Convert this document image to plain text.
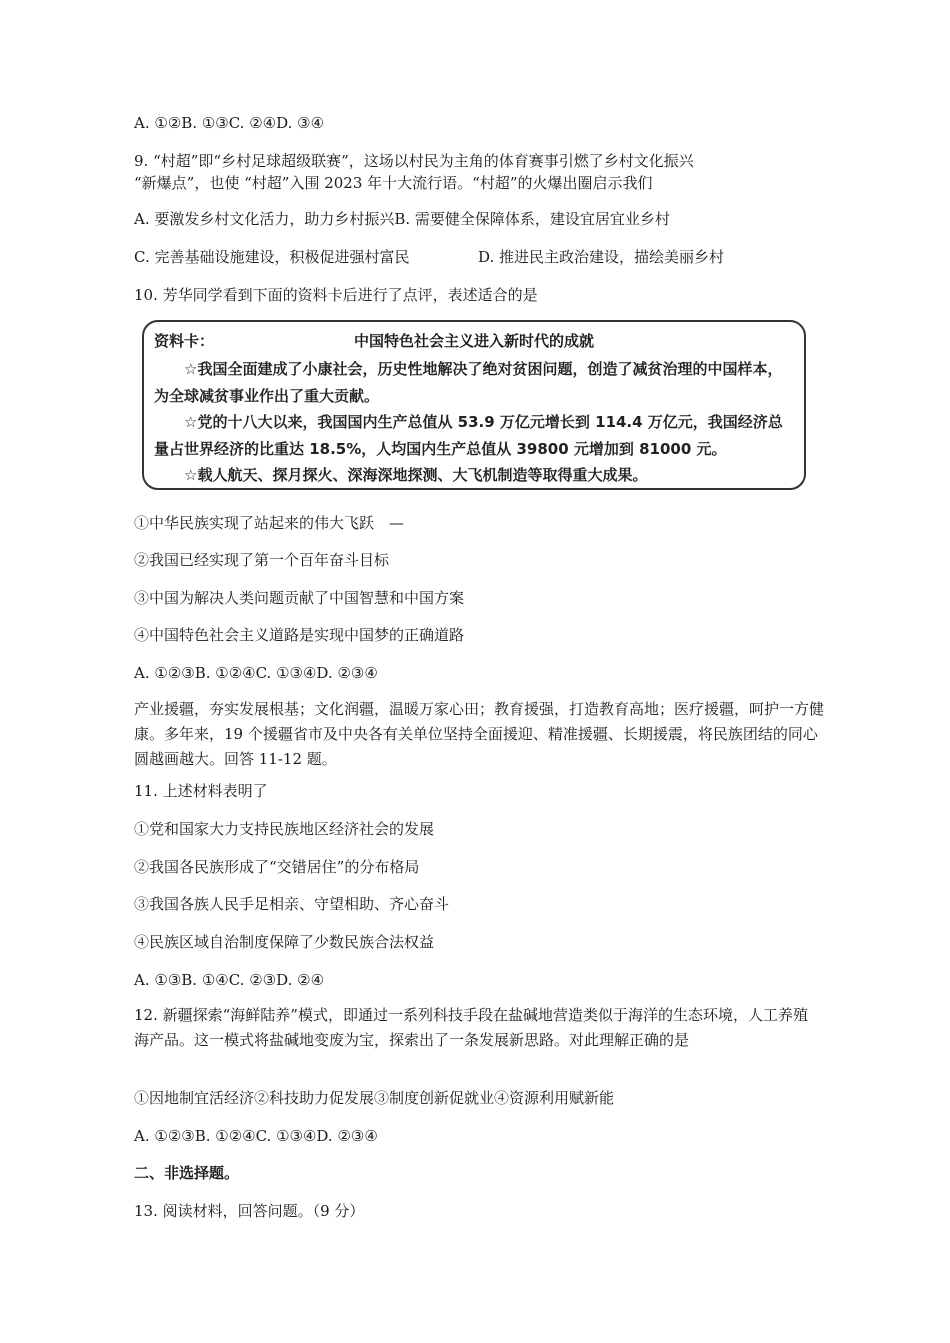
A. ①②B. ①③C. ②④D. ③④
9. “村超”即“乡村足球超级联赛”，这场以村民为主角的体育赛事引燃了乡村文化振兴
“新爆点”，也使 “村超”入围 2023 年十大流行语。“村超”的火爆出圈启示我们
A. 要激发乡村文化活力，助力乡村振兴B. 需要健全保障体系，建设宜居宜业乡村
C. 完善基础设施建设，积极促进强村富民	D. 推进民主政治建设，描绘美丽乡村
10. 芳华同学看到下面的资料卡后进行了点评，表述适合的是
中国特色社会主义进入新时代的成就
资料卡：

☆我国全面建成了小康社会，历史性地解决了绝对贫困问题，创造了减贫治理的中国样本，为全球减贫事业作出了重大贡献。

☆党的十八大以来，我国国内生产总值从 53.9 万亿元增长到 114.4 万亿元，我国经济总量占世界经济的比重达 18.5%，人均国内生产总值从 39800 元增加到 81000 元。

☆载人航天、探月探火、深海深地探测、大飞机制造等取得重大成果。

①中华民族实现了站起来的伟大飞跃　—
②我国已经实现了第一个百年奋斗目标
③中国为解决人类问题贡献了中国智慧和中国方案
④中国特色社会主义道路是实现中国梦的正确道路
A. ①②③B. ①②④C. ①③④D. ②③④
产业援疆，夯实发展根基；文化润疆，温暖万家心田；教育援强，打造教育高地；医疗援疆，呵护一方健康。多年来，19 个援疆省市及中央各有关单位坚持全面援迎、精准援疆、长期援震，将民族团结的同心 圆越画越大。回答 11-12 题。
11. 上述材料表明了
①党和国家大力支持民族地区经济社会的发展
②我国各民族形成了“交错居住”的分布格局
③我国各族人民手足相亲、守望相助、齐心奋斗
④民族区域自治制度保障了少数民族合法权益
A. ①③B. ①④C. ②③D. ②④
12. 新疆探索“海鲜陆养”模式，即通过一系列科技手段在盐碱地营造类似于海洋的生态环境，人工养殖 海产品。这一模式将盐碱地变废为宝，探索出了一条发展新思路。对此理解正确的是
①因地制宜活经济②科技助力促发展③制度创新促就业④资源利用赋新能
A. ①②③B. ①②④C. ①③④D. ②③④
二、非选择题。
13. 阅读材料，回答问题。（9 分）
